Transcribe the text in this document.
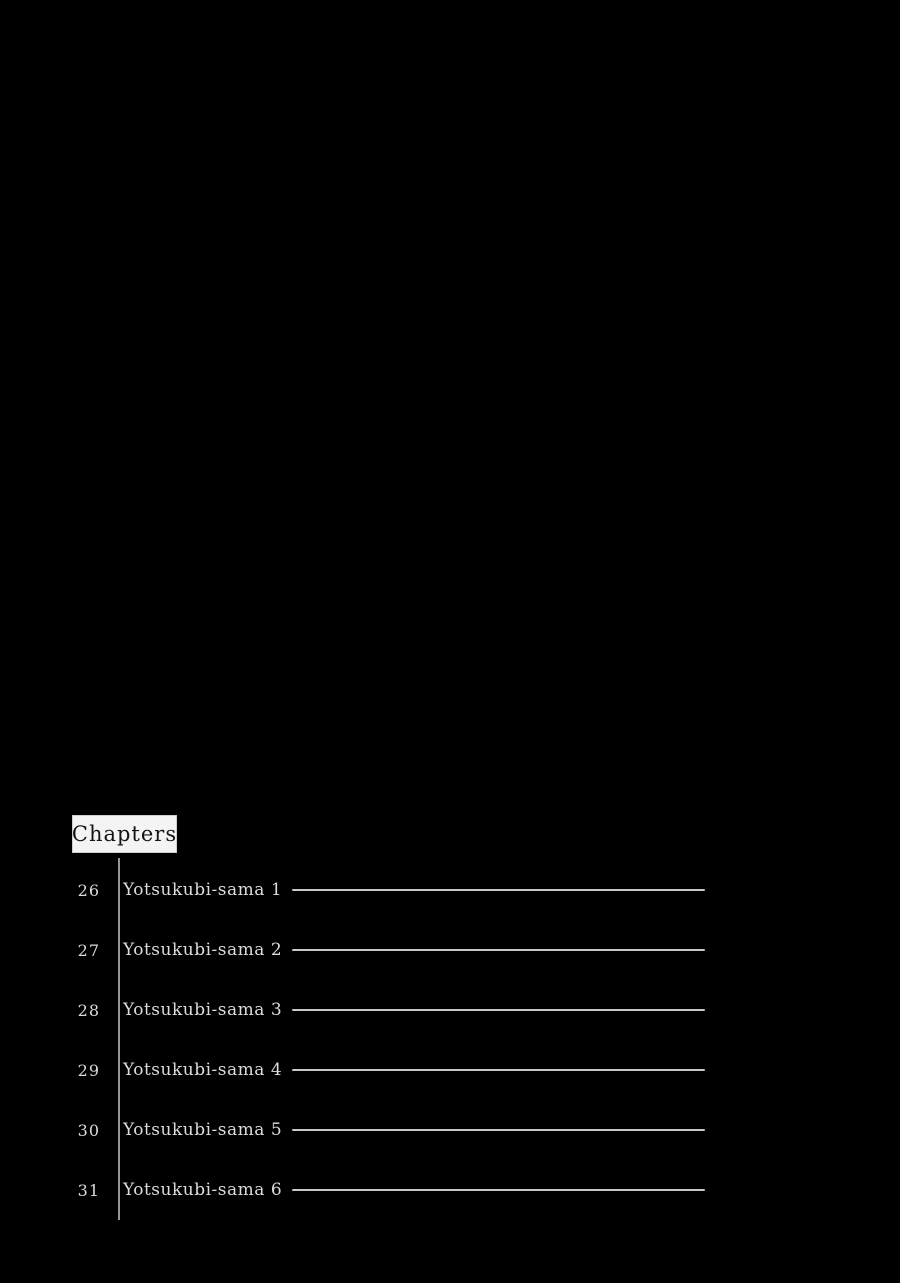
Chapters
26 Yotsukubi-sama 1
27 Yotsukubi-sama 2
28 Yotsukubi-sama 3
29 Yotsukubi-sama 4
30 Yotsukubi-sama 5
31 Yotsukubi-sama 6
